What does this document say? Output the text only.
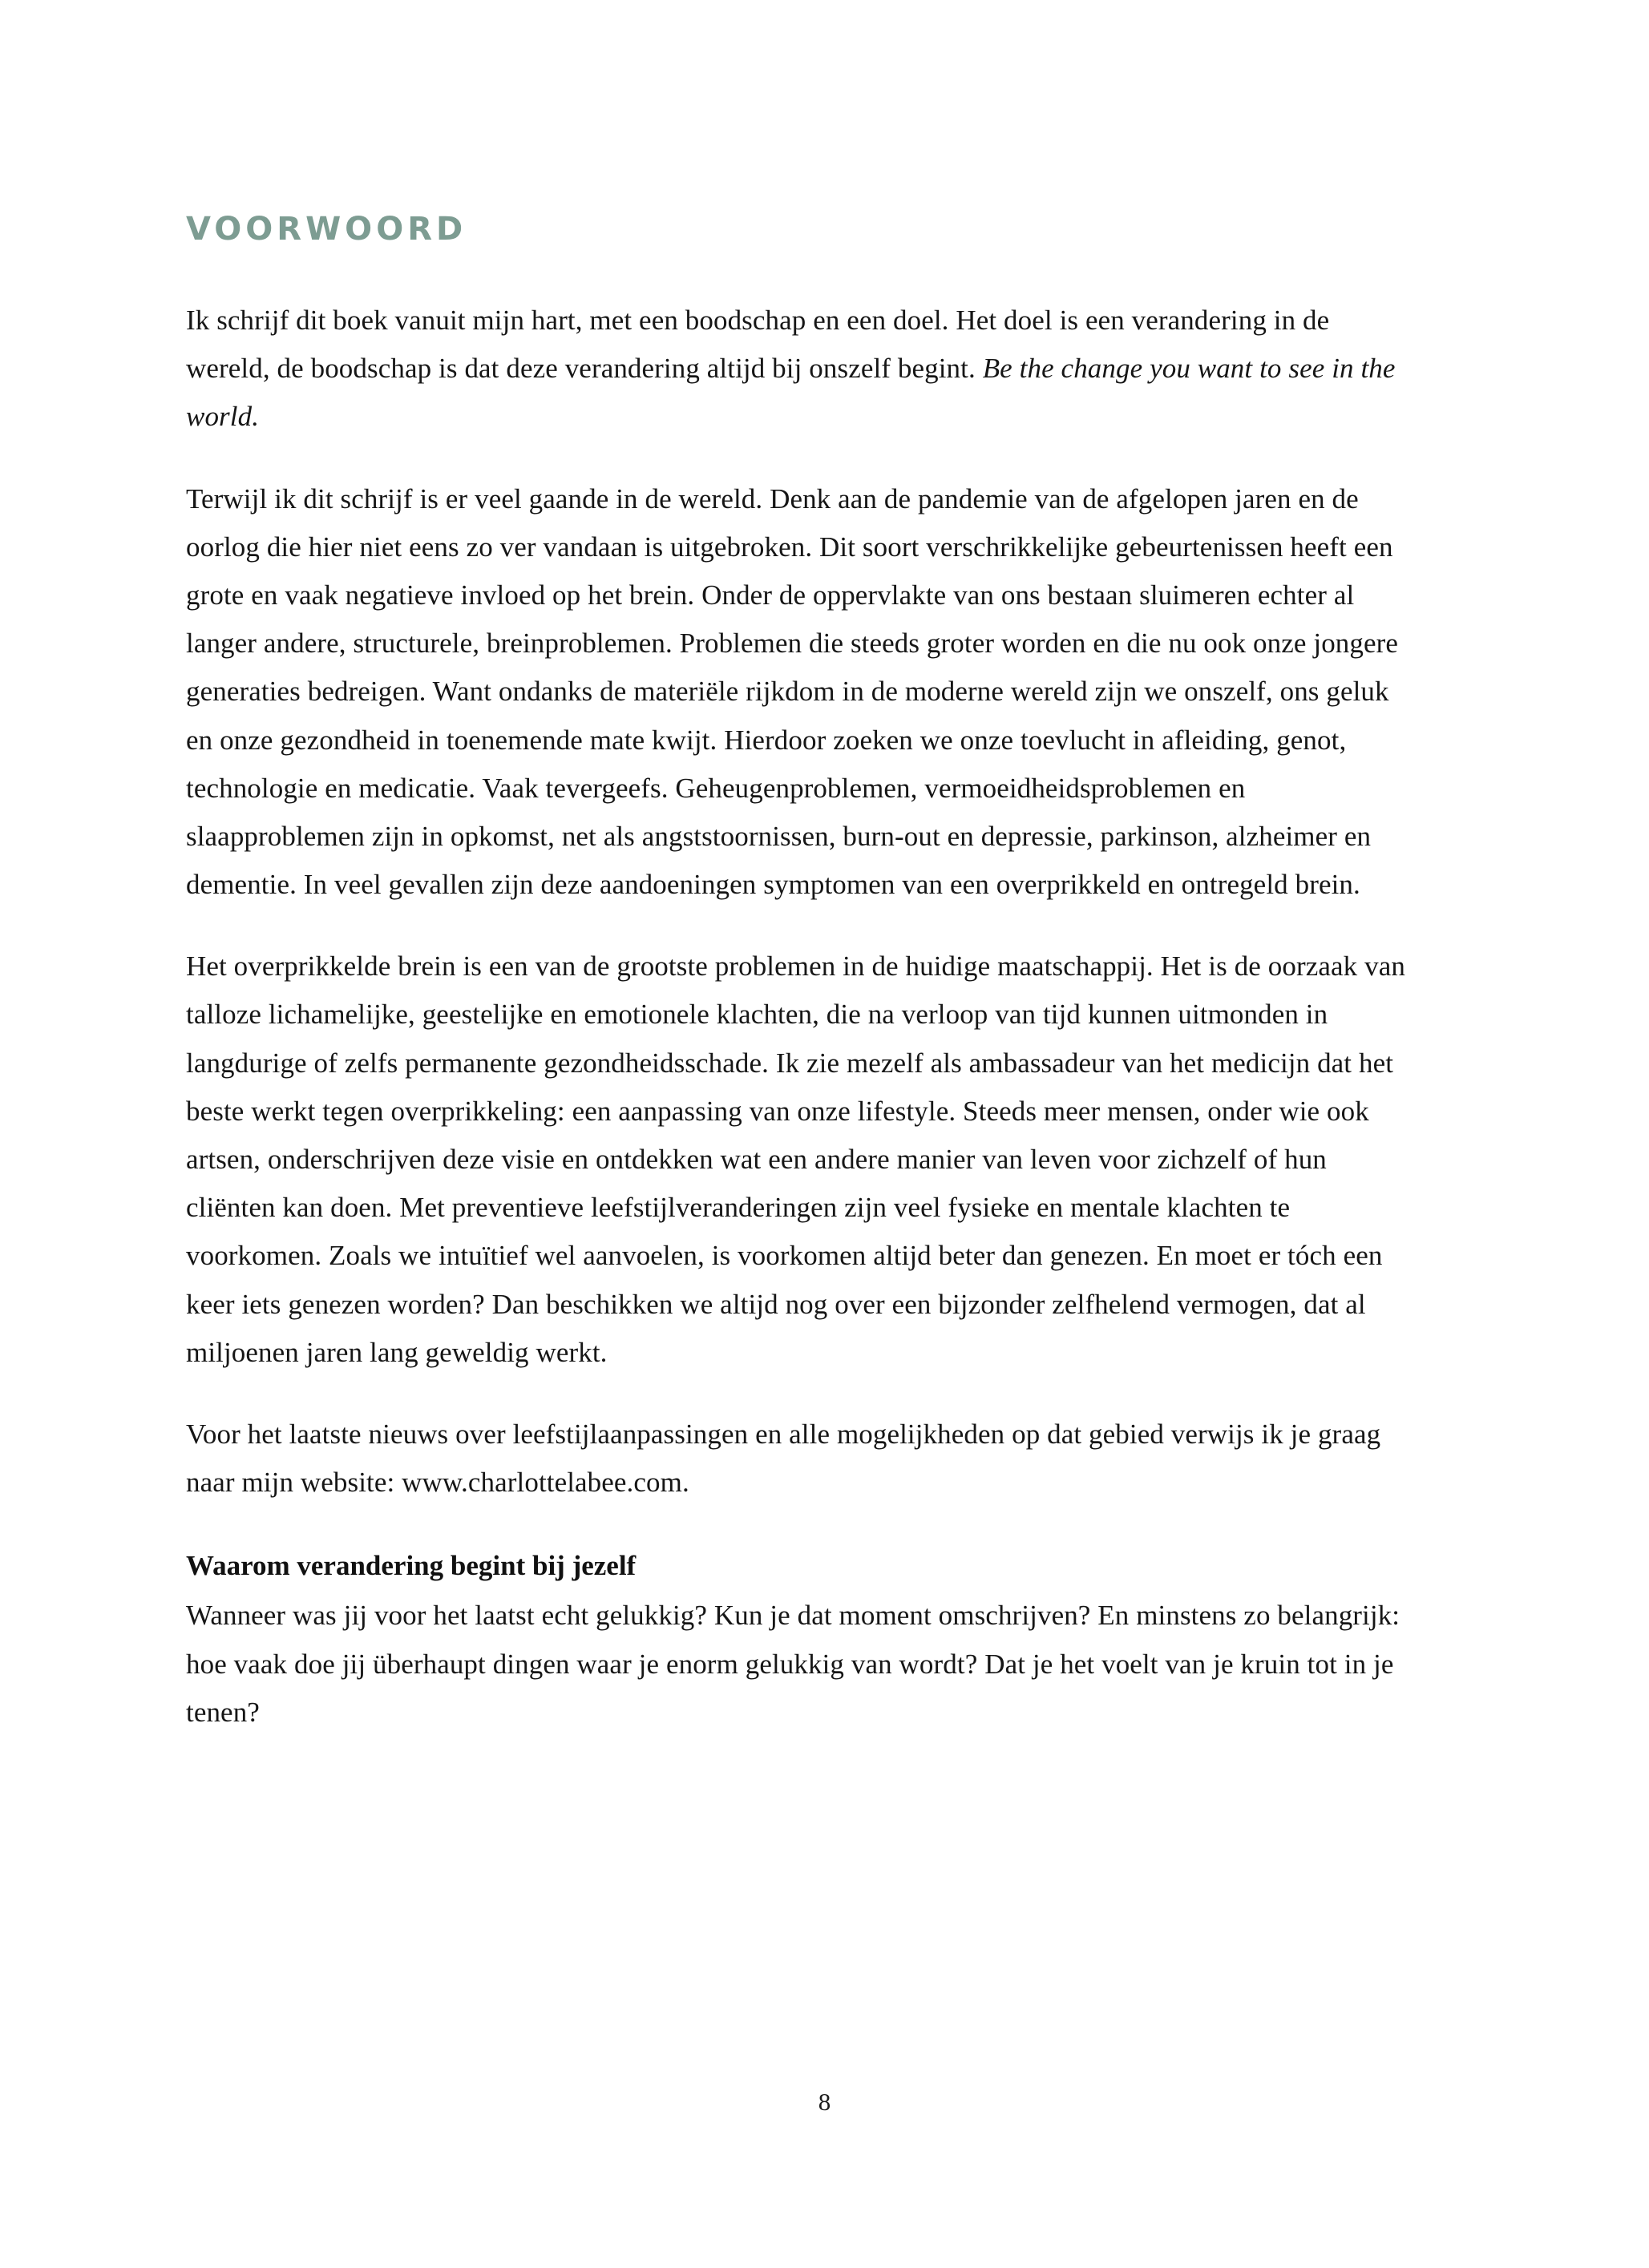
VOORWOORD

Ik schrijf dit boek vanuit mijn hart, met een boodschap en een doel. Het doel is een verandering in de wereld, de boodschap is dat deze verandering altijd bij onszelf begint. Be the change you want to see in the world.

Terwijl ik dit schrijf is er veel gaande in de wereld. Denk aan de pandemie van de afgelopen jaren en de oorlog die hier niet eens zo ver vandaan is uitgebroken. Dit soort verschrikkelijke gebeurtenissen heeft een grote en vaak negatieve invloed op het brein. Onder de oppervlakte van ons bestaan sluimeren echter al langer andere, structurele, breinproblemen. Problemen die steeds groter worden en die nu ook onze jongere generaties bedreigen. Want ondanks de materiële rijkdom in de moderne wereld zijn we onszelf, ons geluk en onze gezondheid in toenemende mate kwijt. Hierdoor zoeken we onze toevlucht in afleiding, genot, technologie en medicatie. Vaak tevergeefs. Geheugenproblemen, vermoeidheidsproblemen en slaapproblemen zijn in opkomst, net als angststoornissen, burn-out en depressie, parkinson, alzheimer en dementie. In veel gevallen zijn deze aandoeningen symptomen van een overprikkeld en ontregeld brein.

Het overprikkelde brein is een van de grootste problemen in de huidige maatschappij. Het is de oorzaak van talloze lichamelijke, geestelijke en emotionele klachten, die na verloop van tijd kunnen uitmonden in langdurige of zelfs permanente gezondheidsschade. Ik zie mezelf als ambassadeur van het medicijn dat het beste werkt tegen overprikkeling: een aanpassing van onze lifestyle. Steeds meer mensen, onder wie ook artsen, onderschrijven deze visie en ontdekken wat een andere manier van leven voor zichzelf of hun cliënten kan doen. Met preventieve leefstijlveranderingen zijn veel fysieke en mentale klachten te voorkomen. Zoals we intuïtief wel aanvoelen, is voorkomen altijd beter dan genezen. En moet er tóch een keer iets genezen worden? Dan beschikken we altijd nog over een bijzonder zelfhelend vermogen, dat al miljoenen jaren lang geweldig werkt.

Voor het laatste nieuws over leefstijlaanpassingen en alle mogelijkheden op dat gebied verwijs ik je graag naar mijn website: www.charlottelabee.com.

Waarom verandering begint bij jezelf

Wanneer was jij voor het laatst echt gelukkig? Kun je dat moment omschrijven? En minstens zo belangrijk: hoe vaak doe jij überhaupt dingen waar je enorm gelukkig van wordt? Dat je het voelt van je kruin tot in je tenen?

8
